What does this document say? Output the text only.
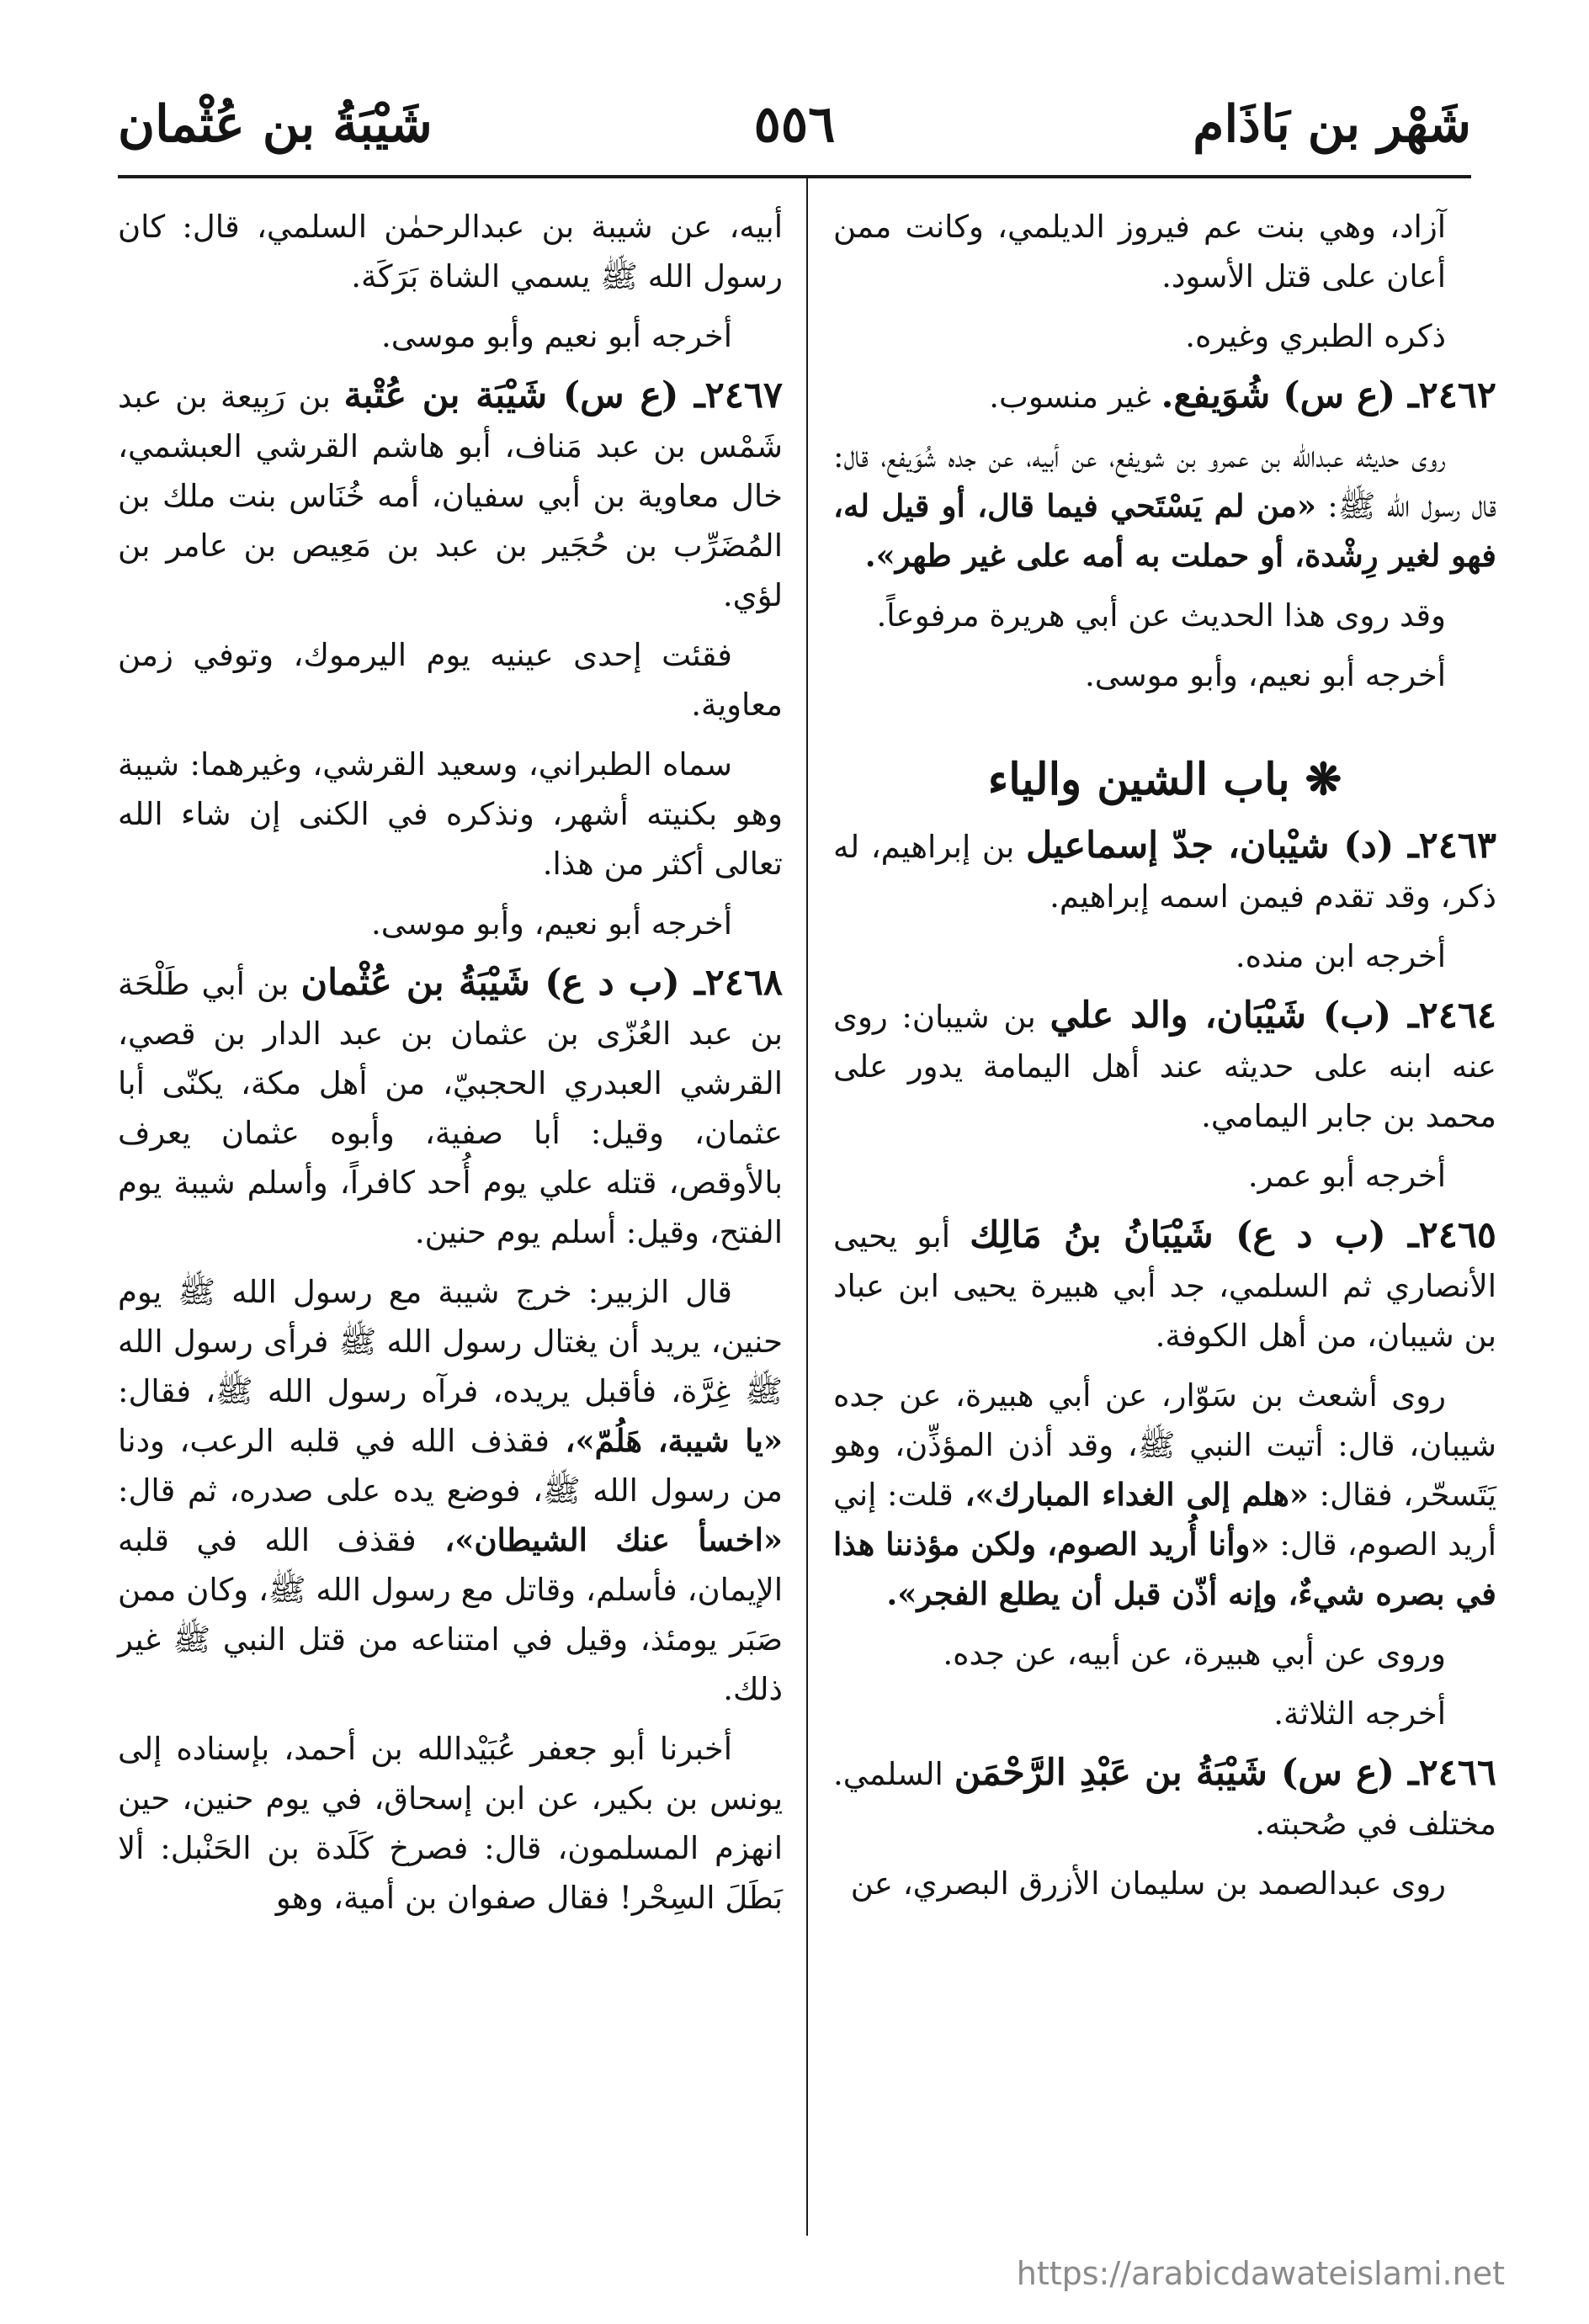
شَهْر بن بَاذَام
٥٥٦
شَيْبَةُ بن عُثْمان

آزاد، وهي بنت عم فيروز الديلمي، وكانت ممن أعان على قتل الأسود.

ذكره الطبري وغيره.

٢٤٦٢ـ (ع س) شُوَيفع. غير منسوب.

روى حديثه عبدالله بن عمرو بن شويفع، عن أبيه، عن جده شُوَيفع، قال: قال رسول الله ﷺ: «من لم يَسْتَحي فيما قال، أو قيل له، فهو لغير رِشْدة، أو حملت به أمه على غير طهر».

وقد روى هذا الحديث عن أبي هريرة مرفوعاً.

أخرجه أبو نعيم، وأبو موسى.

❋ باب الشين والياء

٢٤٦٣ـ (د) شيْبان، جدّ إسماعيل بن إبراهيم، له ذكر، وقد تقدم فيمن اسمه إبراهيم.

أخرجه ابن منده.

٢٤٦٤ـ (ب) شَيْبَان، والد علي بن شيبان: روى عنه ابنه على حديثه عند أهل اليمامة يدور على محمد بن جابر اليمامي.

أخرجه أبو عمر.

٢٤٦٥ـ (ب د ع) شَيْبَانُ بنُ مَالِك أبو يحيى الأنصاري ثم السلمي، جد أبي هبيرة يحيى ابن عباد بن شيبان، من أهل الكوفة.

روى أشعث بن سَوّار، عن أبي هبيرة، عن جده شيبان، قال: أتيت النبي ﷺ، وقد أذن المؤذِّن، وهو يَتَسحّر، فقال: «هلم إلى الغداء المبارك»، قلت: إني أريد الصوم، قال: «وأنا أُريد الصوم، ولكن مؤذننا هذا في بصره شيءٌ، وإنه أذّن قبل أن يطلع الفجر».

وروى عن أبي هبيرة، عن أبيه، عن جده.

أخرجه الثلاثة.

٢٤٦٦ـ (ع س) شَيْبَةُ بن عَبْدِ الرَّحْمَن السلمي. مختلف في صُحبته.

روى عبدالصمد بن سليمان الأزرق البصري، عن

أبيه، عن شيبة بن عبدالرحمٰن السلمي، قال: كان رسول الله ﷺ يسمي الشاة بَرَكَة.

أخرجه أبو نعيم وأبو موسى.

٢٤٦٧ـ (ع س) شَيْبَة بن عُتْبة بن رَبِيعة بن عبد شَمْس بن عبد مَناف، أبو هاشم القرشي العبشمي، خال معاوية بن أبي سفيان، أمه خُنَاس بنت ملك بن المُضَرِّب بن حُجَير بن عبد بن مَعِيص بن عامر بن لؤي.

فقئت إحدى عينيه يوم اليرموك، وتوفي زمن معاوية.

سماه الطبراني، وسعيد القرشي، وغيرهما: شيبة وهو بكنيته أشهر، ونذكره في الكنى إن شاء الله تعالى أكثر من هذا.

أخرجه أبو نعيم، وأبو موسى.

٢٤٦٨ـ (ب د ع) شَيْبَةُ بن عُثْمان بن أبي طَلْحَة بن عبد العُزّى بن عثمان بن عبد الدار بن قصي، القرشي العبدري الحجبيّ، من أهل مكة، يكنّى أبا عثمان، وقيل: أبا صفية، وأبوه عثمان يعرف بالأوقص، قتله علي يوم أُحد كافراً، وأسلم شيبة يوم الفتح، وقيل: أسلم يوم حنين.

قال الزبير: خرج شيبة مع رسول الله ﷺ يوم حنين، يريد أن يغتال رسول الله ﷺ فرأى رسول الله ﷺ غِرَّة، فأقبل يريده، فرآه رسول الله ﷺ، فقال: «يا شيبة، هَلُمّ»، فقذف الله في قلبه الرعب، ودنا من رسول الله ﷺ، فوضع يده على صدره، ثم قال: «اخسأ عنك الشيطان»، فقذف الله في قلبه الإيمان، فأسلم، وقاتل مع رسول الله ﷺ، وكان ممن صَبَر يومئذ، وقيل في امتناعه من قتل النبي ﷺ غير ذلك.

أخبرنا أبو جعفر عُبَيْدالله بن أحمد، بإسناده إلى يونس بن بكير، عن ابن إسحاق، في يوم حنين، حين انهزم المسلمون، قال: فصرخ كَلَدة بن الحَنْبل: ألا بَطَلَ السِحْر! فقال صفوان بن أمية، وهو

https://arabicdawateislami.net
